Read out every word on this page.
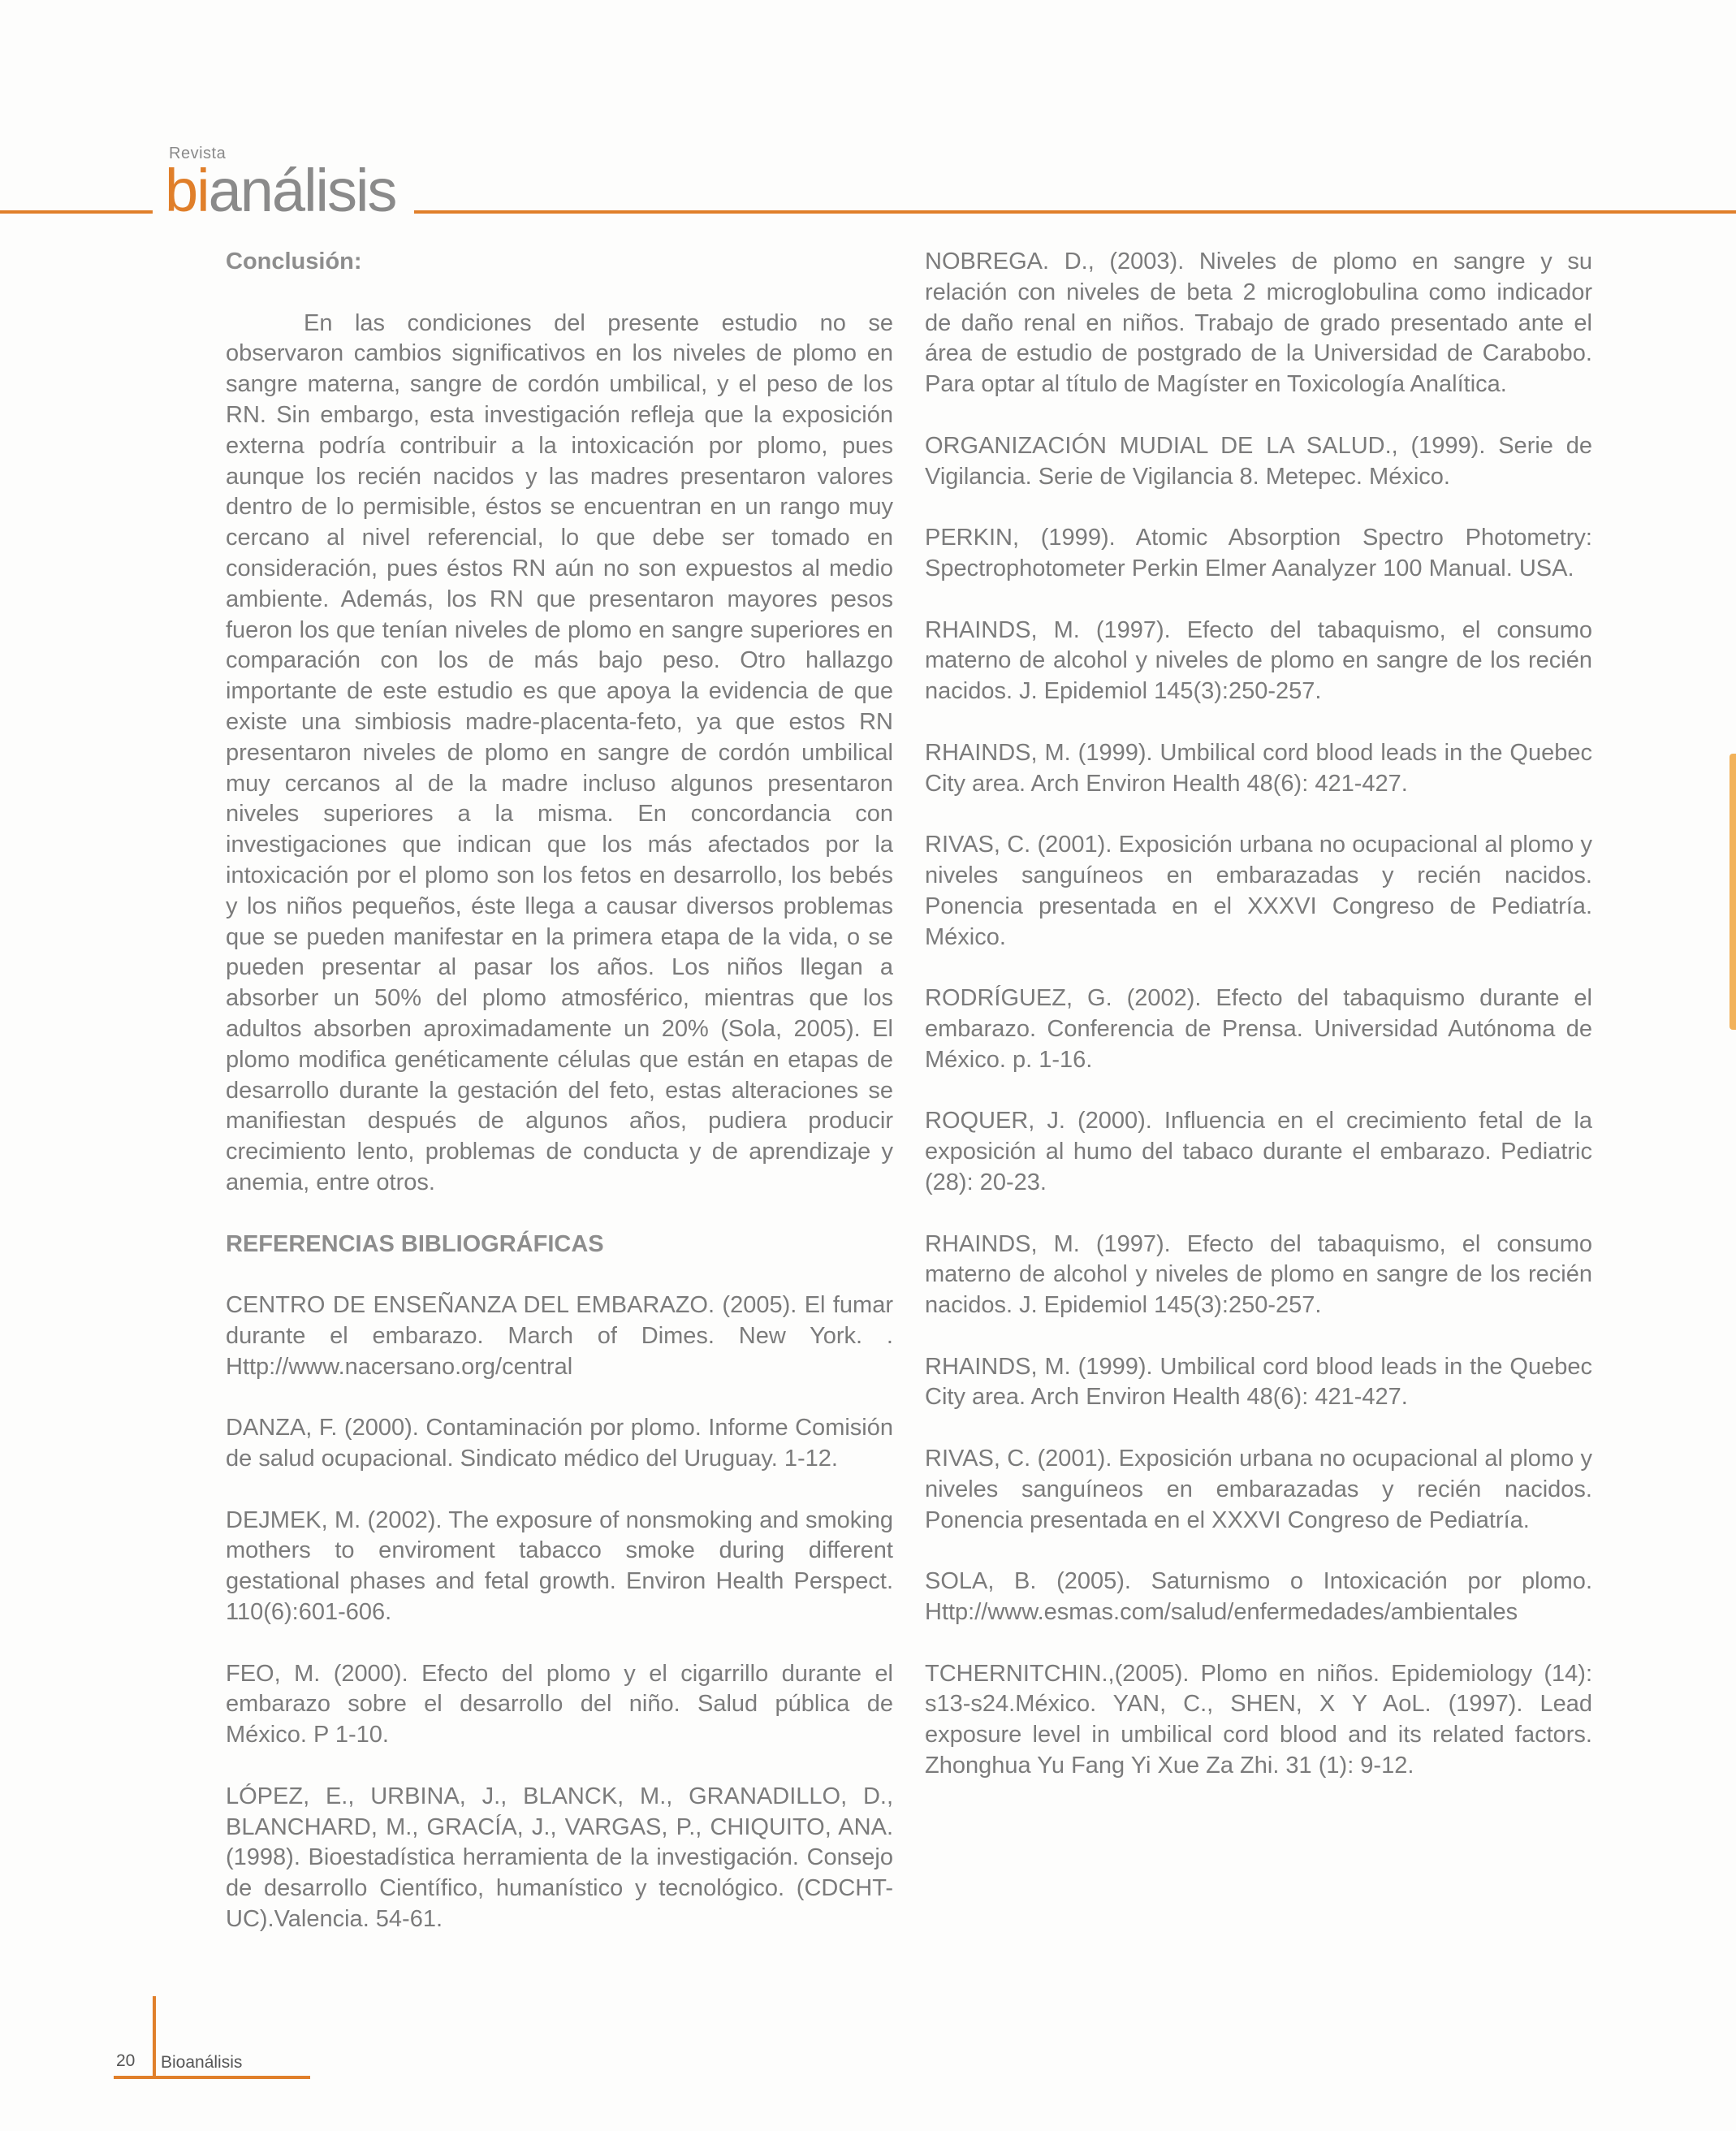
Revista
bianálisis

Conclusión:

En las condiciones del presente estudio no se observaron cambios significativos en los niveles de plomo en sangre materna, sangre de cordón umbilical, y el peso de los RN. Sin embargo, esta investigación refleja que la exposición externa podría contribuir a la intoxicación por plomo, pues aunque los recién nacidos y las madres presentaron valores dentro de lo permisible, éstos se encuentran en un rango muy cercano al nivel referencial, lo que debe ser tomado en consideración, pues éstos RN aún no son expuestos al medio ambiente. Además, los RN que presentaron mayores pesos fueron los que tenían niveles de plomo en sangre superiores en comparación con los de más bajo peso. Otro hallazgo importante de este estudio es que apoya la evidencia de que existe una simbiosis madre-placenta-feto, ya que estos RN presentaron niveles de plomo en sangre de cordón umbilical muy cercanos al de la madre incluso algunos presentaron niveles superiores a la misma. En concordancia con investigaciones que indican que los más afectados por la intoxicación por el plomo son los fetos en desarrollo, los bebés y los niños pequeños, éste llega a causar diversos problemas que se pueden manifestar en la primera etapa de la vida, o se pueden presentar al pasar los años. Los niños llegan a absorber un 50% del plomo atmosférico, mientras que los adultos absorben aproximadamente un 20% (Sola, 2005). El plomo modifica genéticamente células que están en etapas de desarrollo durante la gestación del feto, estas alteraciones se manifiestan después de algunos años, pudiera producir crecimiento lento, problemas de conducta y de aprendizaje y anemia, entre otros.

REFERENCIAS BIBLIOGRÁFICAS

CENTRO DE ENSEÑANZA DEL EMBARAZO. (2005). El fumar durante el embarazo. March of Dimes. New York. . Http://www.nacersano.org/central

DANZA, F. (2000). Contaminación por plomo. Informe Comisión de salud ocupacional. Sindicato médico del Uruguay. 1-12.

DEJMEK, M. (2002). The exposure of nonsmoking and smoking mothers to enviroment tabacco smoke during different gestational phases and fetal growth. Environ Health Perspect. 110(6):601-606.

FEO, M. (2000). Efecto del plomo y el cigarrillo durante el embarazo sobre el desarrollo del niño. Salud pública de México. P 1-10.

LÓPEZ, E., URBINA, J., BLANCK, M., GRANADILLO, D., BLANCHARD, M., GRACÍA, J., VARGAS, P., CHIQUITO, ANA. (1998). Bioestadística herramienta de la investigación. Consejo de desarrollo Científico, humanístico y tecnológico. (CDCHT-UC).Valencia. 54-61.

NOBREGA. D., (2003). Niveles de plomo en sangre y su relación con niveles de beta 2 microglobulina como indicador de daño renal en niños. Trabajo de grado presentado ante el área de estudio de postgrado de la Universidad de Carabobo. Para optar al título de Magíster en Toxicología Analítica.

ORGANIZACIÓN MUDIAL DE LA SALUD., (1999). Serie de Vigilancia. Serie de Vigilancia 8. Metepec. México.

PERKIN, (1999). Atomic Absorption Spectro Photometry: Spectrophotometer Perkin Elmer Aanalyzer 100 Manual. USA.

RHAINDS, M. (1997). Efecto del tabaquismo, el consumo materno de alcohol y niveles de plomo en sangre de los recién nacidos. J. Epidemiol 145(3):250-257.

RHAINDS, M. (1999). Umbilical cord blood leads in the Quebec City area. Arch Environ Health 48(6): 421-427.

RIVAS, C. (2001). Exposición urbana no ocupacional al plomo y niveles sanguíneos en embarazadas y recién nacidos. Ponencia presentada en el XXXVI Congreso de Pediatría. México.

RODRÍGUEZ, G. (2002). Efecto del tabaquismo durante el embarazo. Conferencia de Prensa. Universidad Autónoma de México. p. 1-16.

ROQUER, J. (2000). Influencia en el crecimiento fetal de la exposición al humo del tabaco durante el embarazo. Pediatric (28): 20-23.

RHAINDS, M. (1997). Efecto del tabaquismo, el consumo materno de alcohol y niveles de plomo en sangre de los recién nacidos. J. Epidemiol 145(3):250-257.

RHAINDS, M. (1999). Umbilical cord blood leads in the Quebec City area. Arch Environ Health 48(6): 421-427.

RIVAS, C. (2001). Exposición urbana no ocupacional al plomo y niveles sanguíneos en embarazadas y recién nacidos. Ponencia presentada en el XXXVI Congreso de Pediatría.

SOLA, B. (2005). Saturnismo o Intoxicación por plomo. Http://www.esmas.com/salud/enfermedades/ambientales

TCHERNITCHIN.,(2005). Plomo en niños. Epidemiology (14): s13-s24.México. YAN, C., SHEN, X Y AoL. (1997). Lead exposure level in umbilical cord blood and its related factors. Zhonghua Yu Fang Yi Xue Za Zhi. 31 (1): 9-12.

20 Bioanálisis
